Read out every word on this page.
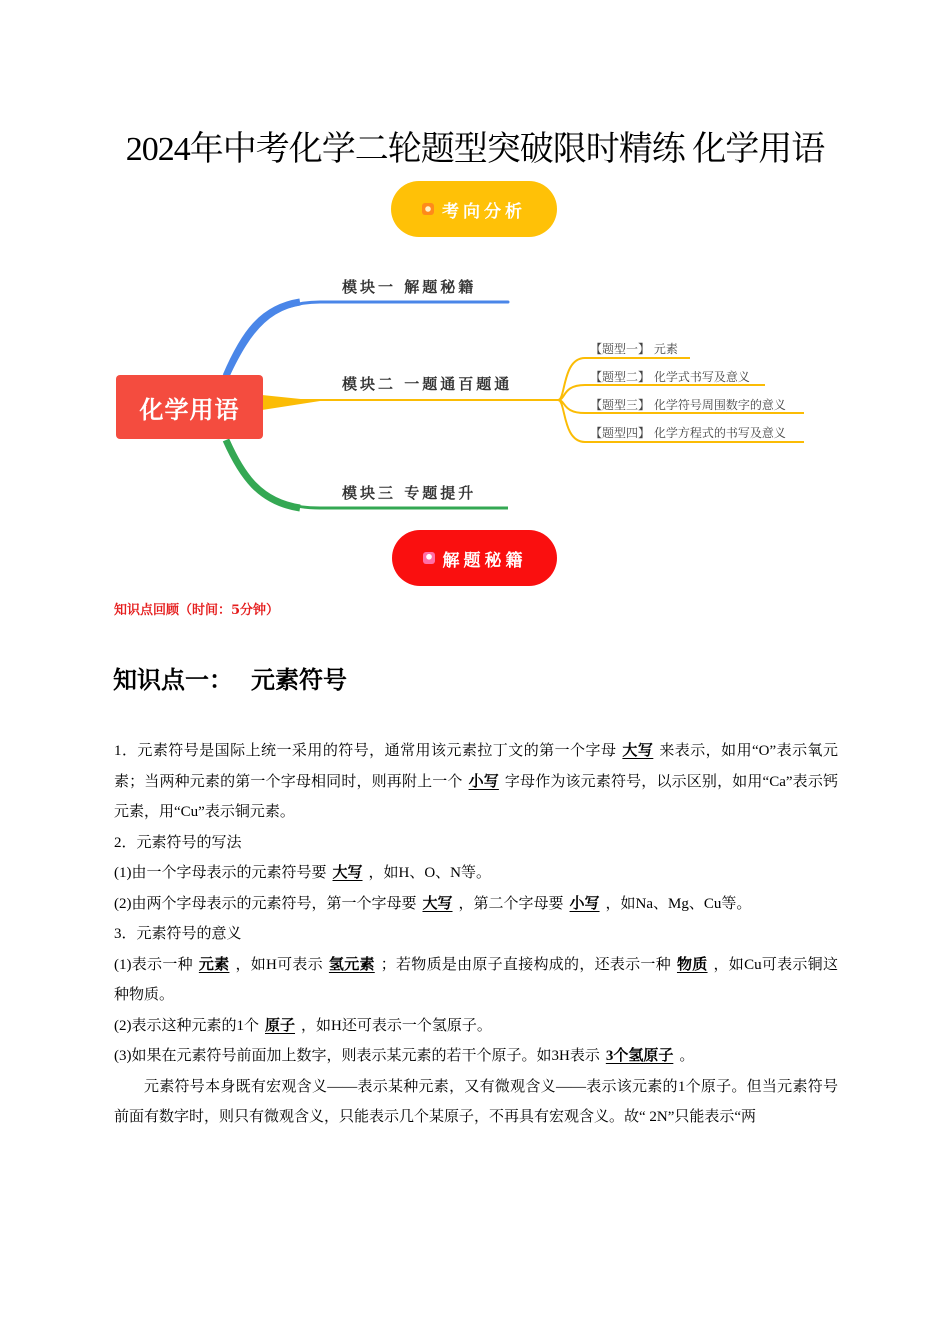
2024年中考化学二轮题型突破限时精练 化学用语
考向分析
化学用语
模块一 解题秘籍
模块二 一题通百题通
模块三 专题提升
【题型一】 元素
【题型二】 化学式书写及意义
【题型三】 化学符号周围数字的意义
【题型四】 化学方程式的书写及意义
解题秘籍
知识点回顾（时间：5分钟）
知识点一： 元素符号

1．元素符号是国际上统一采用的符号，通常用该元素拉丁文的第一个字母 大写 来表示，如用“O”表示氧元素；当两种元素的第一个字母相同时，则再附上一个 小写 字母作为该元素符号，以示区别，如用“Ca”表示钙元素，用“Cu”表示铜元素。

2．元素符号的写法

(1)由一个字母表示的元素符号要 大写 ，如H、O、N等。

(2)由两个字母表示的元素符号，第一个字母要 大写 ，第二个字母要 小写 ，如Na、Mg、Cu等。

3．元素符号的意义

(1)表示一种 元素 ，如H可表示 氢元素 ；若物质是由原子直接构成的，还表示一种 物质 ，如Cu可表示铜这种物质。

(2)表示这种元素的1个 原子 ，如H还可表示一个氢原子。

(3)如果在元素符号前面加上数字，则表示某元素的若干个原子。如3H表示 3个氢原子 。

元素符号本身既有宏观含义——表示某种元素，又有微观含义——表示该元素的1个原子。但当元素符号前面有数字时，则只有微观含义，只能表示几个某原子，不再具有宏观含义。故“ 2N”只能表示“两
